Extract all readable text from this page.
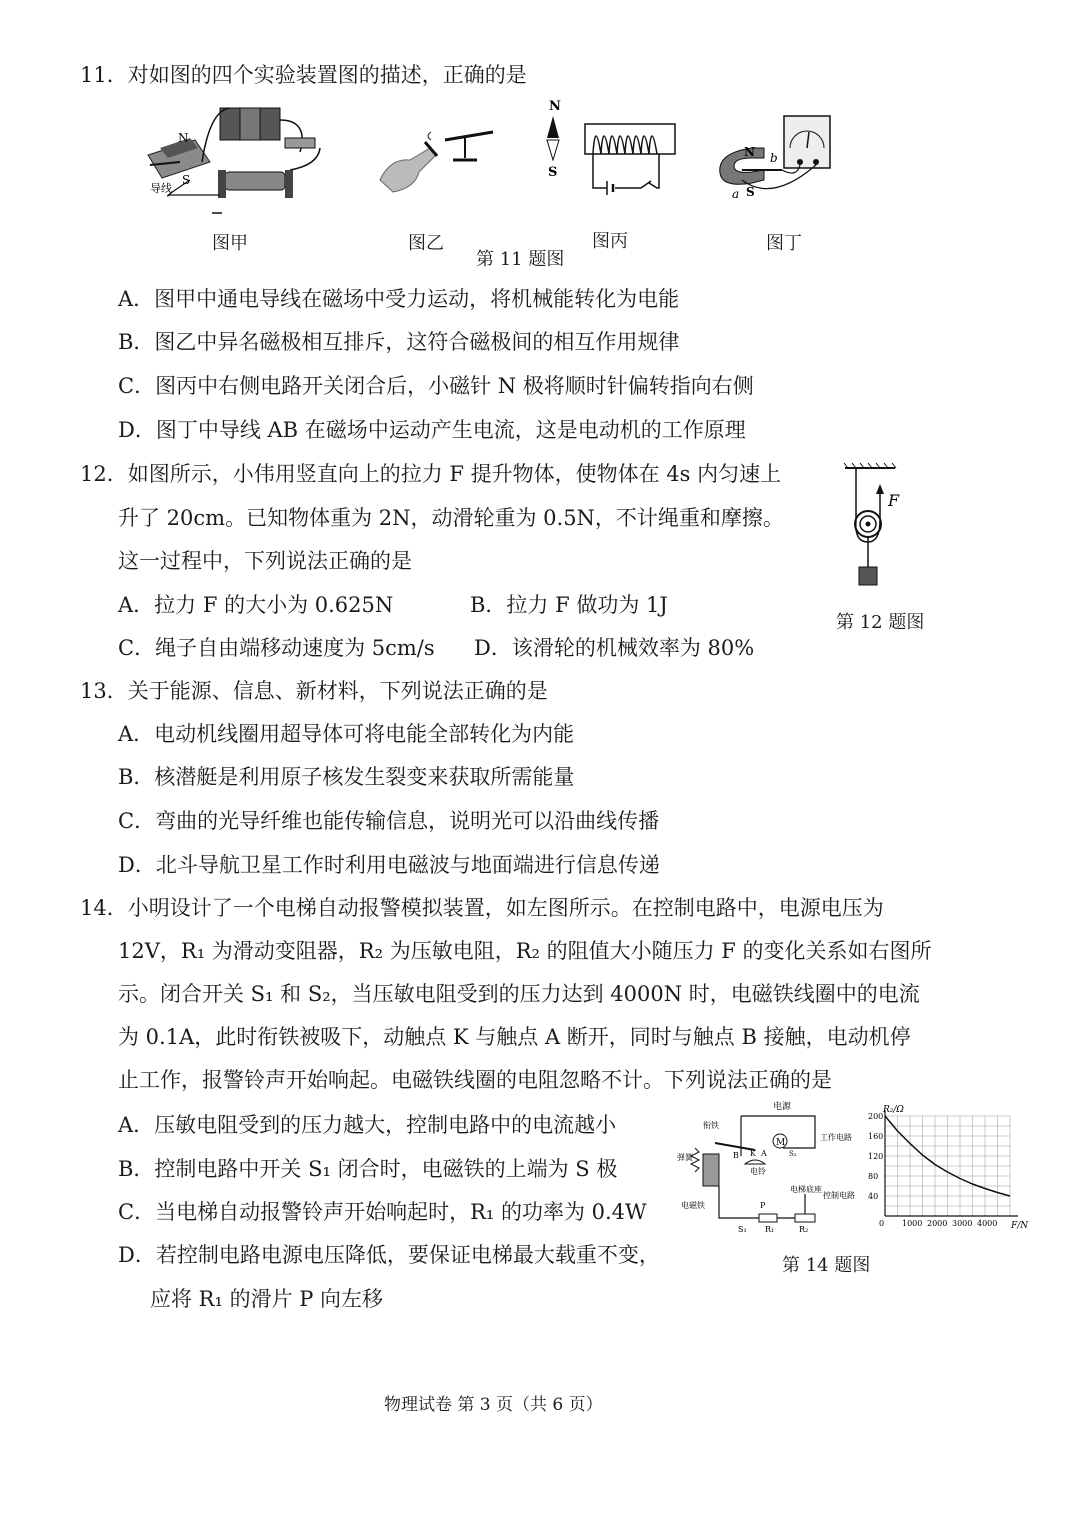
11．对如图的四个实验装置图的描述，正确的是
N
S
导线
N
S
N
S
a
b
图甲	图乙	图丙	图丁
第 11 题图
A．图甲中通电导线在磁场中受力运动，将机械能转化为电能
B．图乙中异名磁极相互排斥，这符合磁极间的相互作用规律
C．图丙中右侧电路开关闭合后，小磁针 N 极将顺时针偏转指向右侧
D．图丁中导线 AB 在磁场中运动产生电流，这是电动机的工作原理
12．如图所示，小伟用竖直向上的拉力 F 提升物体，使物体在 4s 内匀速上
升了 20cm。已知物体重为 2N，动滑轮重为 0.5N，不计绳重和摩擦。
这一过程中，下列说法正确的是
A．拉力 F 的大小为 0.625N	B．拉力 F 做功为 1J
C．绳子自由端移动速度为 5cm/s D．该滑轮的机械效率为 80%
F
第 12 题图
13．关于能源、信息、新材料，下列说法正确的是
A．电动机线圈用超导体可将电能全部转化为内能
B．核潜艇是利用原子核发生裂变来获取所需能量
C．弯曲的光导纤维也能传输信息，说明光可以沿曲线传播
D．北斗导航卫星工作时利用电磁波与地面端进行信息传递
14．小明设计了一个电梯自动报警模拟装置，如左图所示。在控制电路中，电源电压为
12V，R₁ 为滑动变阻器，R₂ 为压敏电阻，R₂ 的阻值大小随压力 F 的变化关系如右图所
示。闭合开关 S₁ 和 S₂，当压敏电阻受到的压力达到 4000N 时，电磁铁线圈中的电流
为 0.1A，此时衔铁被吸下，动触点 K 与触点 A 断开，同时与触点 B 接触，电动机停
止工作，报警铃声开始响起。电磁铁线圈的电阻忽略不计。下列说法正确的是
A．压敏电阻受到的压力越大，控制电路中的电流越小
B．控制电路中开关 S₁ 闭合时，电磁铁的上端为 S 极
C．当电梯自动报警铃声开始响起时，R₁ 的功率为 0.4W
D．若控制电路电源电压降低，要保证电梯最大载重不变，
应将 R₁ 的滑片 P 向左移
电源
M
工作电路
衔铁
B K A	S₂
电铃
弹簧
电磁铁
S₁ R₁
P
R₂
电梯底座
控制电路
0 1000 2000 3000 4000
40
80
120
160
200
R₂/Ω
F/N
第 14 题图
物理试卷 第 3 页（共 6 页）
